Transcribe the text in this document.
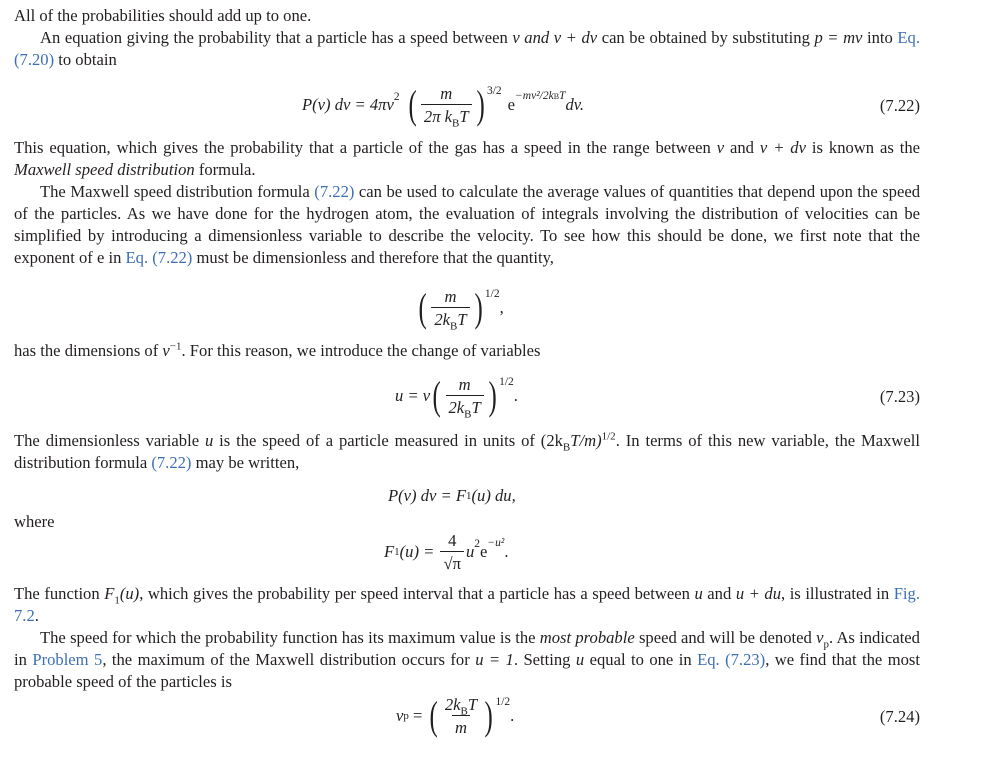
All of the probabilities should add up to one.

An equation giving the probability that a particle has a speed between v and v + dv can be obtained by substituting p = mv into Eq. (7.20) to obtain

P(v) dv = 4πv 2 ( $\frac{m}{2\pi k_BT}$ ) 3/2
e −mv²/2kBT dv.	(7.22)

This equation, which gives the probability that a particle of the gas has a speed in the range between v and v + dv is known as the Maxwell speed distribution formula.

The Maxwell speed distribution formula (7.22) can be used to calculate the average values of quantities that depend upon the speed of the particles. As we have done for the hydrogen atom, the evaluation of integrals involving the distribution of velocities can be simplified by introducing a dimensionless variable to describe the velocity. To see how this should be done, we first note that the exponent of e in Eq. (7.22) must be dimensionless and therefore that the quantity,

( $\frac{m}{2k_BT}$ ) 1/2
,

has the dimensions of $v^{-1}$. For this reason, we introduce the change of variables

u = v ( $\frac{m}{2k_BT}$ ) 1/2
.	(7.23)

The dimensionless variable u is the speed of a particle measured in units of $(2k_BT/m)^{1/2}$. In terms of this new variable, the Maxwell distribution formula (7.22) may be written,

P(v) dv = F 1 (u) du,

where

F 1 $(u) = \frac{4}{√\pi}$ u 2 e −u² .

The function $F_1(u)$, which gives the probability per speed interval that a particle has a speed between u and u + du, is illustrated in Fig. 7.2.

The speed for which the probability function has its maximum value is the most probable speed and will be denoted $v_p$. As indicated in Problem 5, the maximum of the Maxwell distribution occurs for u = 1. Setting u equal to one in Eq. (7.23), we find that the most probable speed of the particles is

v p = ( $\frac{2k_BT}{m}$ ) 1/2
.	(7.24)
